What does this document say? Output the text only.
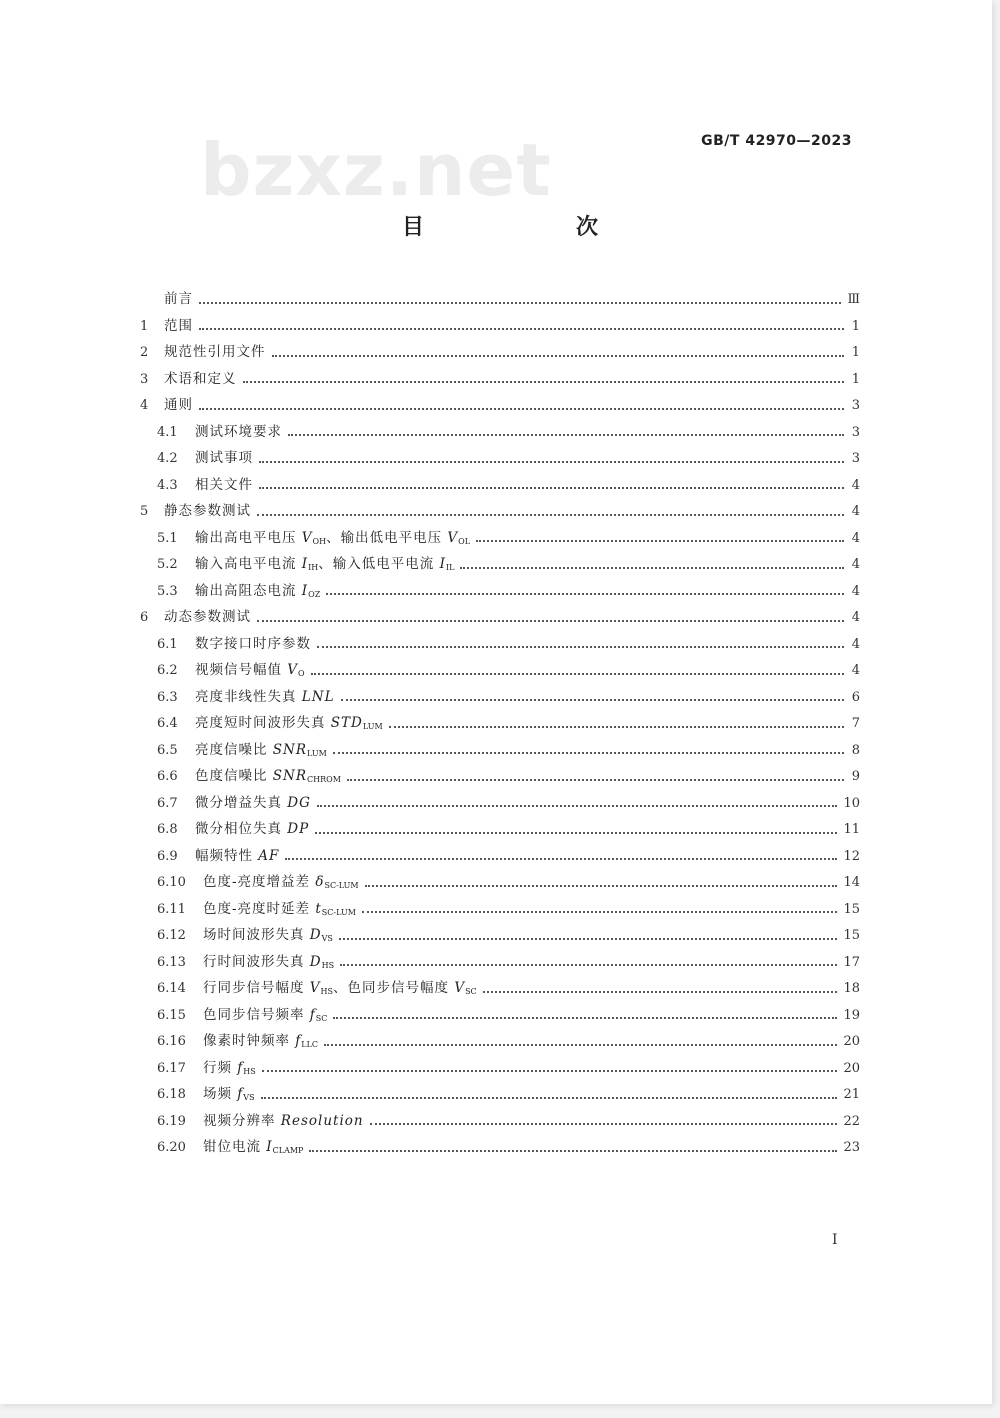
bzxz.net	GB/T 42970—2023
目　　次
前言	Ⅲ
1	范围	1
2	规范性引用文件	1
3	术语和定义	1
4	通则	3
4.1	测试环境要求	3
4.2	测试事项	3
4.3	相关文件	4
5	静态参数测试	4
5.1	输出高电平电压 $V_{OH}$、输出低电平电压 $V_{OL}$	4
5.2	输入高电平电流 $I_{IH}$、输入低电平电流 $I_{IL}$	4
5.3	输出高阻态电流 $I_{OZ}$	4
6	动态参数测试	4
6.1	数字接口时序参数	4
6.2	视频信号幅值 $V_O$	4
6.3	亮度非线性失真 LNL	6
6.4	亮度短时间波形失真 $STD_{LUM}$	7
6.5	亮度信噪比 $SNR_{LUM}$	8
6.6	色度信噪比 $SNR_{CHROM}$	9
6.7	微分增益失真 DG	10
6.8	微分相位失真 DP	11
6.9	幅频特性 AF	12
6.10	色度-亮度增益差 $\delta_{SC-LUM}$	14
6.11	色度-亮度时延差 $t_{SC-LUM}$	15
6.12	场时间波形失真 $D_{VS}$	15
6.13	行时间波形失真 $D_{HS}$	17
6.14	行同步信号幅度 $V_{HS}$、色同步信号幅度 $V_{SC}$	18
6.15	色同步信号频率 $f_{SC}$	19
6.16	像素时钟频率 $f_{LLC}$	20
6.17	行频 $f_{HS}$	20
6.18	场频 $f_{VS}$	21
6.19	视频分辨率 Resolution	22
6.20	钳位电流 $I_{CLAMP}$	23
I
